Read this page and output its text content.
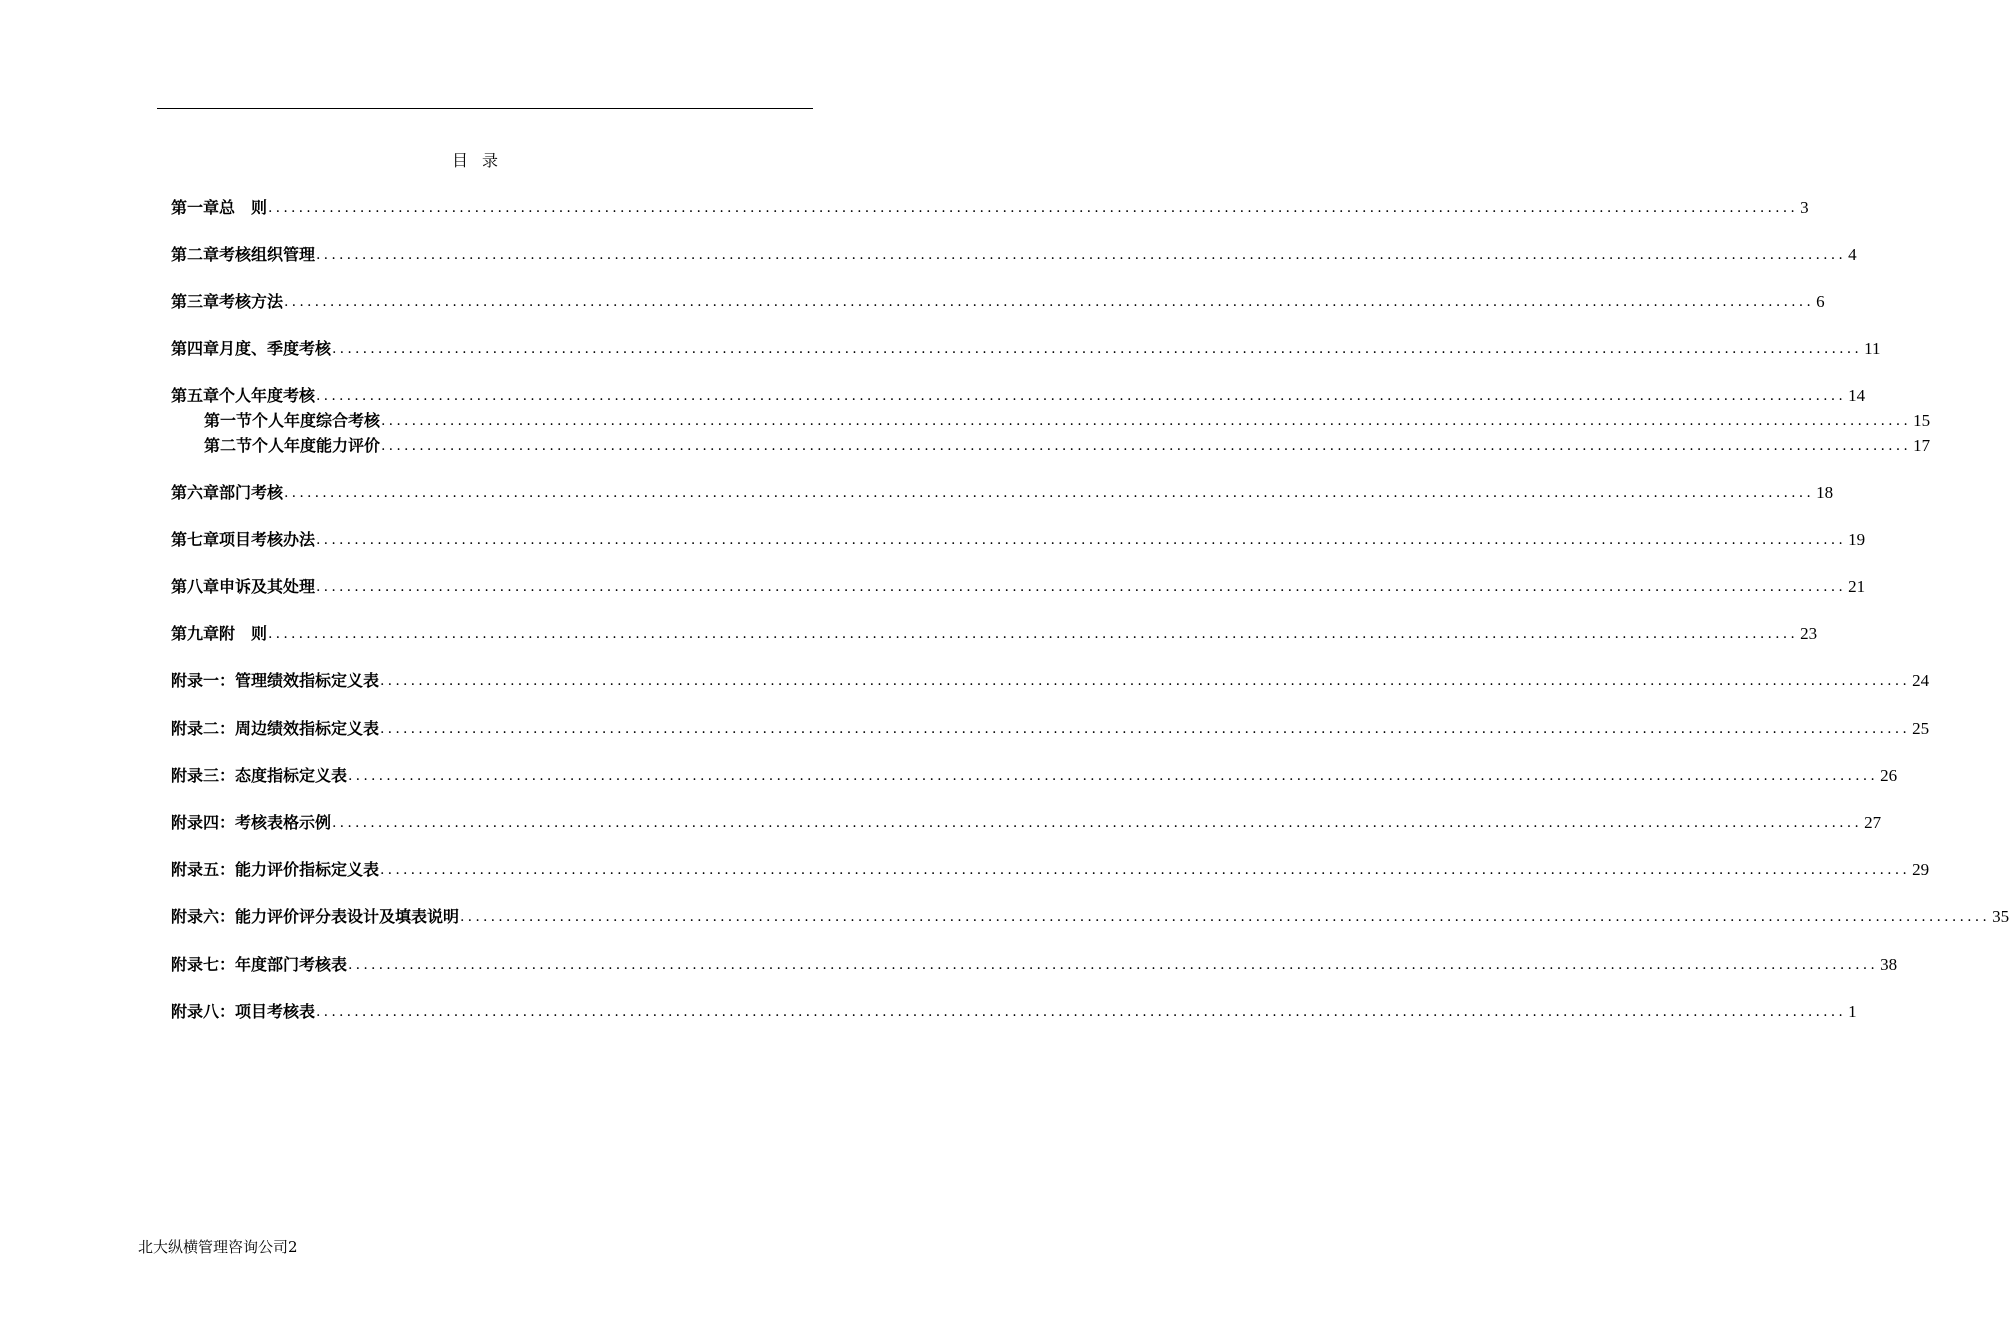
目录
第一章 总　则 ........................................................................................................................................................................................................ 3
第二章 考核组织管理 ........................................................................................................................................................................................................ 4
第三章 考核方法 ........................................................................................................................................................................................................ 6
第四章 月度、季度考核 ........................................................................................................................................................................................................ 11
第五章 个人年度考核 ........................................................................................................................................................................................................ 14
第一节 个人年度综合考核 ........................................................................................................................................................................................................ 15
第二节 个人年度能力评价 ........................................................................................................................................................................................................ 17
第六章 部门考核 ........................................................................................................................................................................................................ 18
第七章 项目考核办法 ........................................................................................................................................................................................................ 19
第八章 申诉及其处理 ........................................................................................................................................................................................................ 21
第九章 附　则 ........................................................................................................................................................................................................ 23
附录一： 管理绩效指标定义表 ........................................................................................................................................................................................................ 24
附录二： 周边绩效指标定义表 ........................................................................................................................................................................................................ 25
附录三： 态度指标定义表 ........................................................................................................................................................................................................ 26
附录四： 考核表格示例 ........................................................................................................................................................................................................ 27
附录五： 能力评价指标定义表 ........................................................................................................................................................................................................ 29
附录六： 能力评价评分表设计及填表说明 ........................................................................................................................................................................................................ 35
附录七： 年度部门考核表 ........................................................................................................................................................................................................ 38
附录八： 项目考核表 ........................................................................................................................................................................................................ 1
北大纵横管理咨询公司2
